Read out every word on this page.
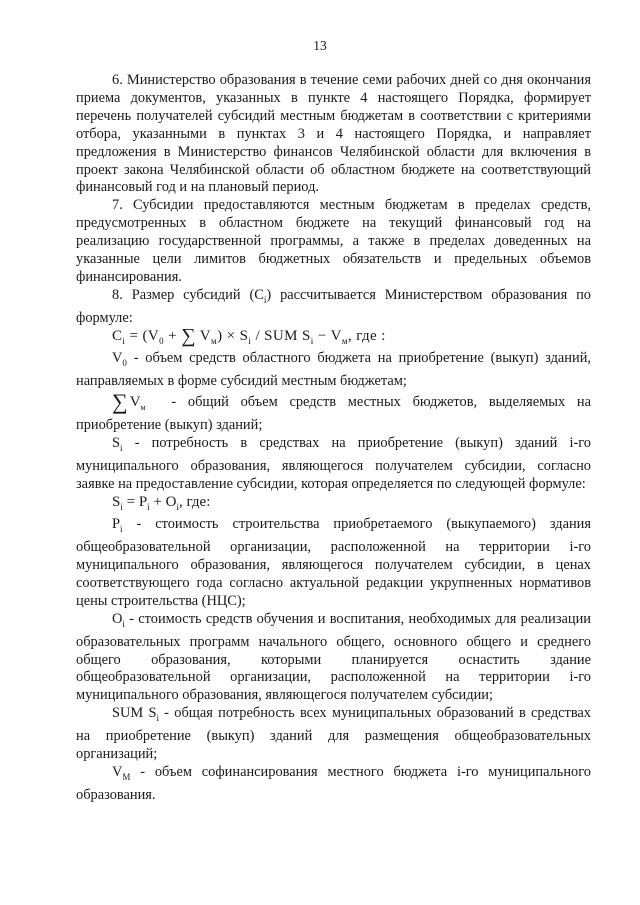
13

6. Министерство образования в течение семи рабочих дней со дня окончания приема документов, указанных в пункте 4 настоящего Порядка, формирует перечень получателей субсидий местным бюджетам в соответствии с критериями отбора, указанными в пунктах 3 и 4 настоящего Порядка, и направляет предложения в Министерство финансов Челябинской области для включения в проект закона Челябинской области об областном бюджете на соответствующий финансовый год и на плановый период.

7. Субсидии предоставляются местным бюджетам в пределах средств, предусмотренных в областном бюджете на текущий финансовый год на реализацию государственной программы, а также в пределах доведенных на указанные цели лимитов бюджетных обязательств и предельных объемов финансирования.

8. Размер субсидий $(С_i)$ рассчитывается Министерством образования по формуле:

$С_i = (V_0$ + ∑ $V_м) \times S_i$ / SUM $S_i - V_м$, где :

$V_0$ - объем средств областного бюджета на приобретение (выкуп) зданий, направляемых в форме субсидий местным бюджетам;

∑ $V_м$ - общий объем средств местных бюджетов, выделяемых на приобретение (выкуп) зданий;

$S_i$ - потребность в средствах на приобретение (выкуп) зданий i-го муниципального образования, являющегося получателем субсидии, согласно заявке на предоставление субсидии, которая определяется по следующей формуле:

$S_i = P_i + O_i$, где:

$P_i$ - стоимость строительства приобретаемого (выкупаемого) здания общеобразовательной организации, расположенной на территории i-го муниципального образования, являющегося получателем субсидии, в ценах соответствующего года согласно актуальной редакции укрупненных нормативов цены строительства (НЦС);

$O_i$ - стоимость средств обучения и воспитания, необходимых для реализации образовательных программ начального общего, основного общего и среднего общего образования, которыми планируется оснастить здание общеобразовательной организации, расположенной на территории i-го муниципального образования, являющегося получателем субсидии;

SUM $S_i$ - общая потребность всех муниципальных образований в средствах на приобретение (выкуп) зданий для размещения общеобразовательных организаций;

$V_M$ - объем софинансирования местного бюджета i-го муниципального образования.
